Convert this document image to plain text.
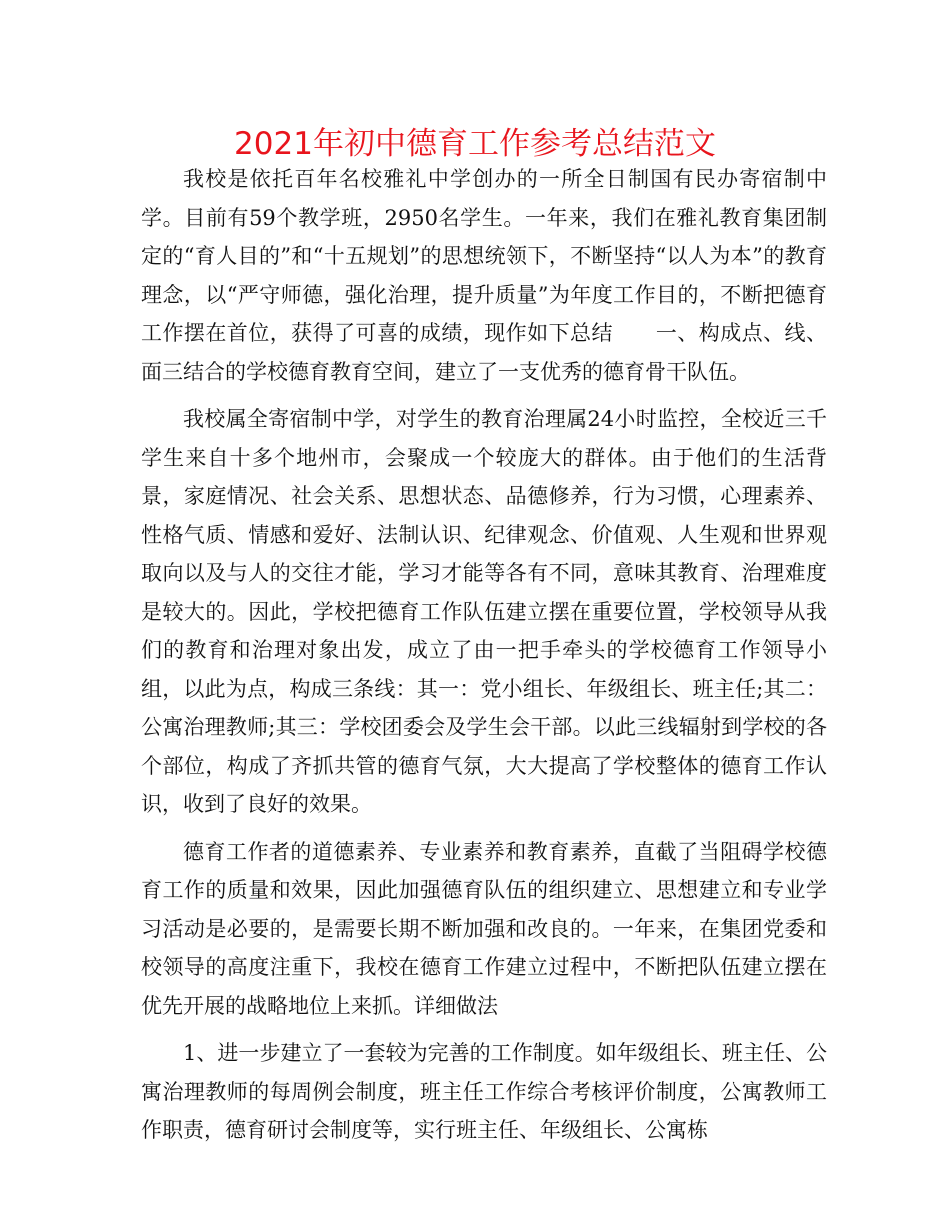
2021年初中德育工作参考总结范文

我校是依托百年名校雅礼中学创办的一所全日制国有民办寄宿制中学。目前有59个教学班，2950名学生。一年来，我们在雅礼教育集团制定的“育人目的”和“十五规划”的思想统领下，不断坚持“以人为本”的教育理念，以“严守师德，强化治理，提升质量”为年度工作目的，不断把德育工作摆在首位，获得了可喜的成绩，现作如下总结　　一、构成点、线、面三结合的学校德育教育空间，建立了一支优秀的德育骨干队伍。

我校属全寄宿制中学，对学生的教育治理属24小时监控，全校近三千学生来自十多个地州市，会聚成一个较庞大的群体。由于他们的生活背景，家庭情况、社会关系、思想状态、品德修养，行为习惯，心理素养、性格气质、情感和爱好、法制认识、纪律观念、价值观、人生观和世界观取向以及与人的交往才能，学习才能等各有不同，意味其教育、治理难度是较大的。因此，学校把德育工作队伍建立摆在重要位置，学校领导从我们的教育和治理对象出发，成立了由一把手牵头的学校德育工作领导小组，以此为点，构成三条线：其一：党小组长、年级组长、班主任;其二：公寓治理教师;其三：学校团委会及学生会干部。以此三线辐射到学校的各个部位，构成了齐抓共管的德育气氛，大大提高了学校整体的德育工作认识，收到了良好的效果。

德育工作者的道德素养、专业素养和教育素养，直截了当阻碍学校德育工作的质量和效果，因此加强德育队伍的组织建立、思想建立和专业学习活动是必要的，是需要长期不断加强和改良的。一年来，在集团党委和校领导的高度注重下，我校在德育工作建立过程中，不断把队伍建立摆在优先开展的战略地位上来抓。详细做法

1、进一步建立了一套较为完善的工作制度。如年级组长、班主任、公寓治理教师的每周例会制度，班主任工作综合考核评价制度，公寓教师工作职责，德育研讨会制度等，实行班主任、年级组长、公寓栋
